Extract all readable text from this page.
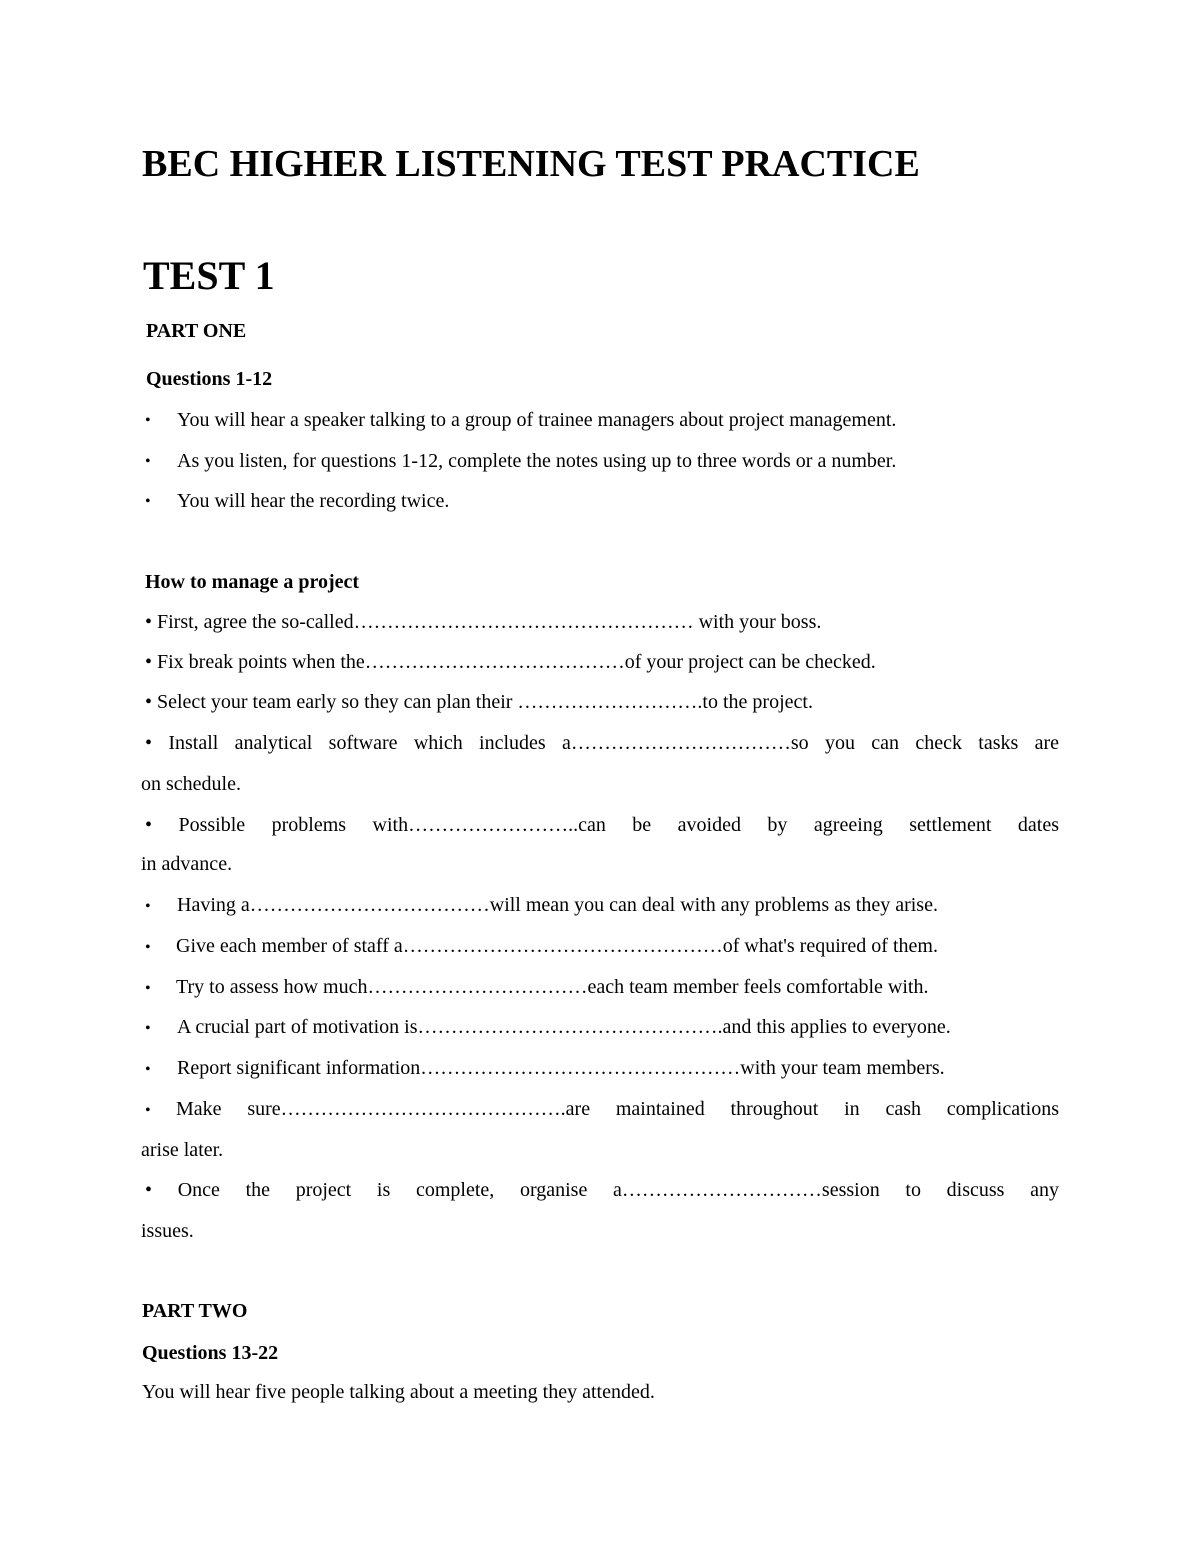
BEC HIGHER LISTENING TEST PRACTICE
TEST 1
PART ONE
Questions 1-12
• You will hear a speaker talking to a group of trainee managers about project management.
• As you listen, for questions 1-12, complete the notes using up to three words or a number.
• You will hear the recording twice.
How to manage a project
• First, agree the so-called…………………………………………… with your boss.
• Fix break points when the…………………………………of your project can be checked.
• Select your team early so they can plan their ……………………….to the project.
• Install analytical software which includes a……………………………so you can check tasks are
on schedule.
• Possible problems with……………………..can be avoided by agreeing settlement dates
in advance.
• Having a………………………………will mean you can deal with any problems as they arise.
• Give each member of staff a…………………………………………of what's required of them.
• Try to assess how much……………………………each team member feels comfortable with.
• A crucial part of motivation is……………………………………….and this applies to everyone.
• Report significant information…………………………………………with your team members.
• Make sure…………………………………….are maintained throughout in cash complications
arise later.
• Once the project is complete, organise a…………………………session to discuss any
issues.
PART TWO
Questions 13-22
You will hear five people talking about a meeting they attended.
